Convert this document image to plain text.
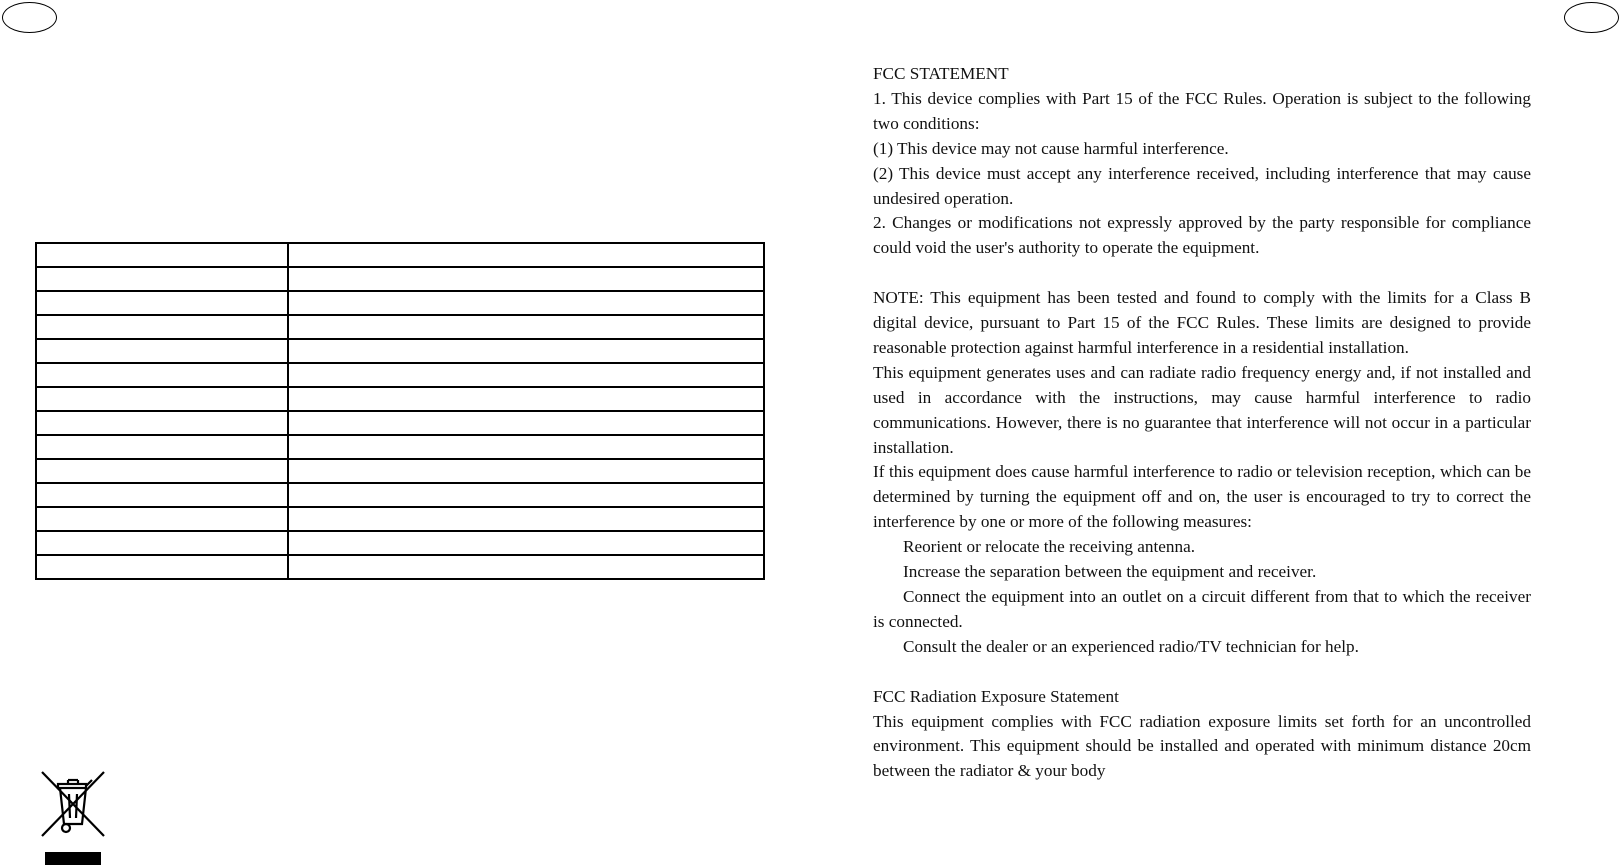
FCC STATEMENT

1. This device complies with Part 15 of the FCC Rules. Operation is subject to the following two conditions:

(1) This device may not cause harmful interference.

(2) This device must accept any interference received, including interference that may cause undesired operation.

2. Changes or modifications not expressly approved by the party responsible for compliance could void the user's authority to operate the equipment.

NOTE: This equipment has been tested and found to comply with the limits for a Class B digital device, pursuant to Part 15 of the FCC Rules. These limits are designed to provide reasonable protection against harmful interference in a residential installation.

This equipment generates uses and can radiate radio frequency energy and, if not installed and used in accordance with the instructions, may cause harmful interference to radio communications. However, there is no guarantee that interference will not occur in a particular installation.

If this equipment does cause harmful interference to radio or television reception, which can be determined by turning the equipment off and on, the user is encouraged to try to correct the interference by one or more of the following measures:

Reorient or relocate the receiving antenna.

Increase the separation between the equipment and receiver.

Connect the equipment into an outlet on a circuit different from that to which the receiver is connected.

Consult the dealer or an experienced radio/TV technician for help.

FCC Radiation Exposure Statement

This equipment complies with FCC radiation exposure limits set forth for an uncontrolled environment. This equipment should be installed and operated with minimum distance 20cm between the radiator & your body
